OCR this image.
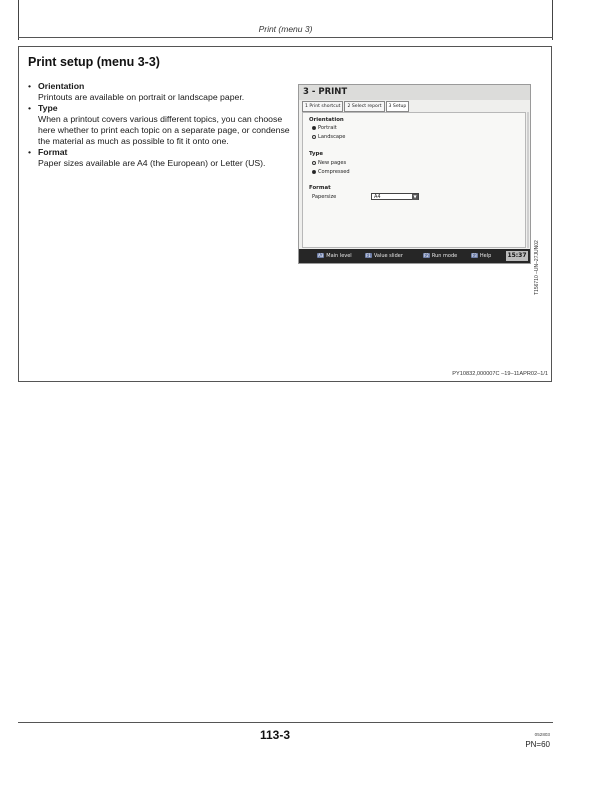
Print (menu 3)
Print setup (menu 3-3)
• Orientation
Printouts are available on portrait or landscape paper.
• Type
When a printout covers various different topics, you can choose here whether to print each topic on a separate page, or condense the material as much as possible to fit it onto one.
• Format
Paper sizes available are A4 (the European) or Letter (US).
3 - PRINT
1 Print shortcut	2 Select report	3 Setup
Orientation
Portrait
Landscape
Type
New pages
Compressed
Format
Papersize	A4	▼
A3 Main level	F1 Value slider	F2 Run mode	F3 Help	15:37 T156710 –UN–27JUN02
PY10832,000007C –19–11APR02–1/1
113-3	052803
PN=60
